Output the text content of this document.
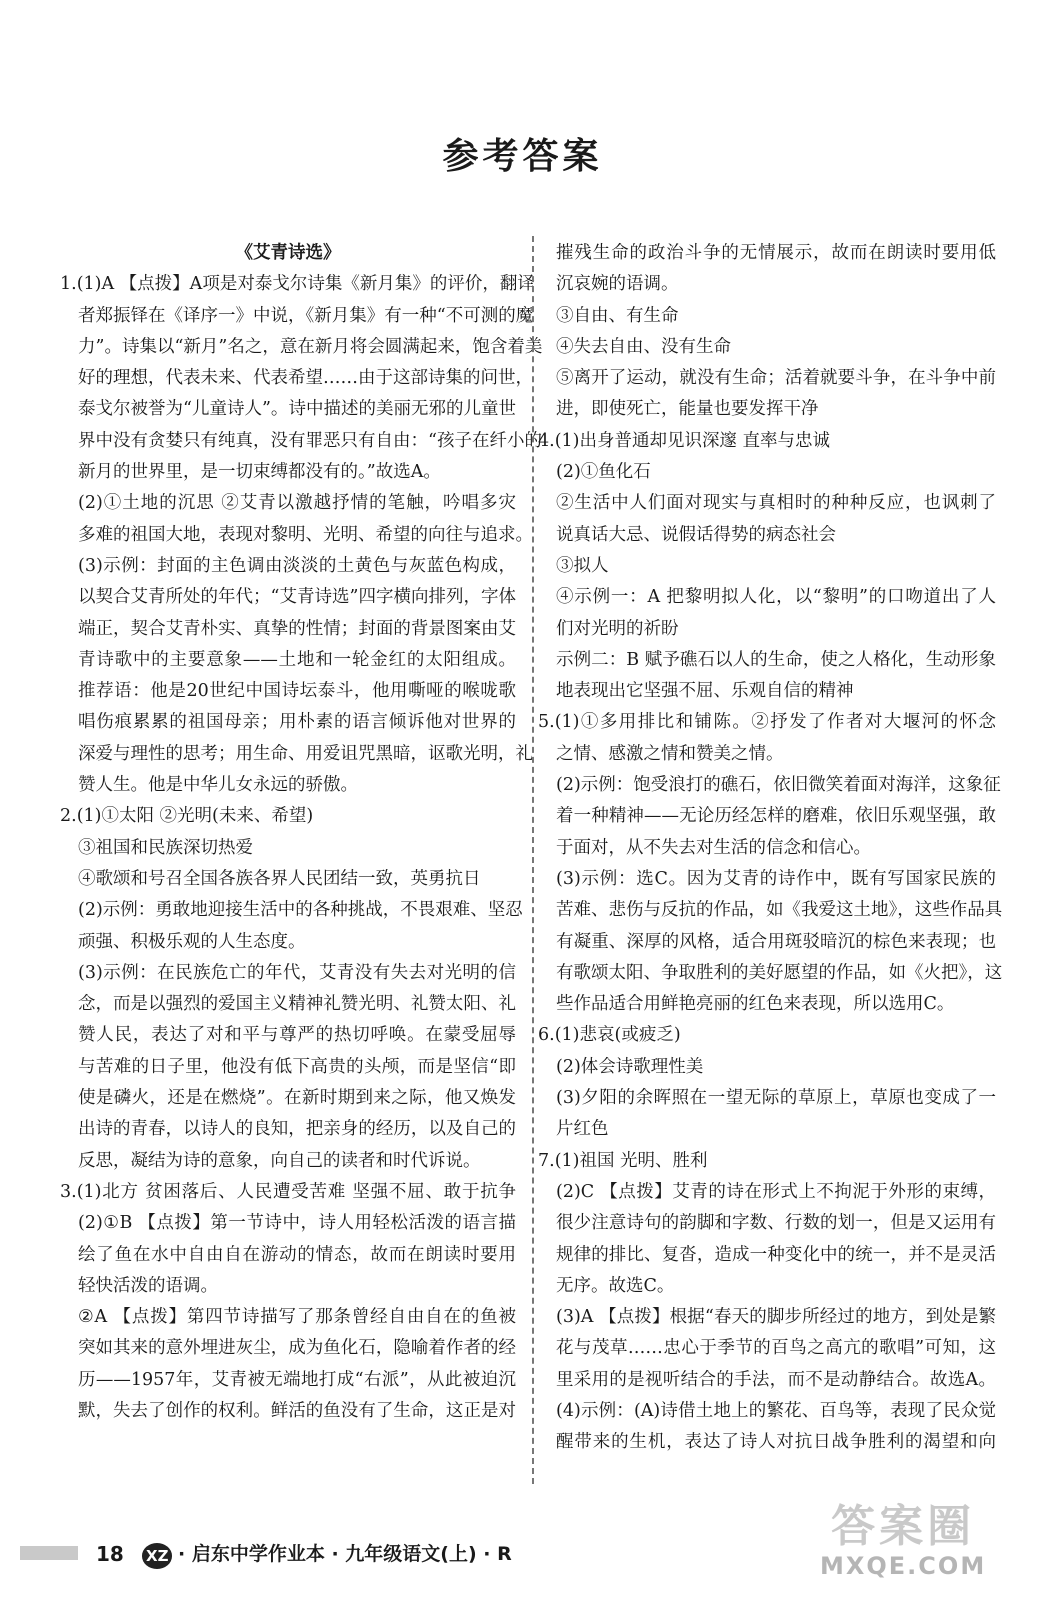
参考答案
《艾青诗选》
1.(1)A 【点拨】A项是对泰戈尔诗集《新月集》的评价，翻译
者郑振铎在《译序一》中说，《新月集》有一种“不可测的魔
力”。诗集以“新月”名之，意在新月将会圆满起来，饱含着美
好的理想，代表未来、代表希望……由于这部诗集的问世，
泰戈尔被誉为“儿童诗人”。诗中描述的美丽无邪的儿童世
界中没有贪婪只有纯真，没有罪恶只有自由：“孩子在纤小的
新月的世界里，是一切束缚都没有的。”故选A。
(2)①土地的沉思 ②艾青以激越抒情的笔触，吟唱多灾
多难的祖国大地，表现对黎明、光明、希望的向往与追求。
(3)示例：封面的主色调由淡淡的土黄色与灰蓝色构成，
以契合艾青所处的年代；“艾青诗选”四字横向排列，字体
端正，契合艾青朴实、真挚的性情；封面的背景图案由艾
青诗歌中的主要意象——土地和一轮金红的太阳组成。
推荐语：他是20世纪中国诗坛泰斗，他用嘶哑的喉咙歌
唱伤痕累累的祖国母亲；用朴素的语言倾诉他对世界的
深爱与理性的思考；用生命、用爱诅咒黑暗，讴歌光明，礼
赞人生。他是中华儿女永远的骄傲。
2.(1)①太阳 ②光明(未来、希望)
③祖国和民族深切热爱
④歌颂和号召全国各族各界人民团结一致，英勇抗日
(2)示例：勇敢地迎接生活中的各种挑战，不畏艰难、坚忍
顽强、积极乐观的人生态度。
(3)示例：在民族危亡的年代，艾青没有失去对光明的信
念，而是以强烈的爱国主义精神礼赞光明、礼赞太阳、礼
赞人民，表达了对和平与尊严的热切呼唤。在蒙受屈辱
与苦难的日子里，他没有低下高贵的头颅，而是坚信“即
使是磷火，还是在燃烧”。在新时期到来之际，他又焕发
出诗的青春，以诗人的良知，把亲身的经历，以及自己的
反思，凝结为诗的意象，向自己的读者和时代诉说。
3.(1)北方 贫困落后、人民遭受苦难 坚强不屈、敢于抗争
(2)①B 【点拨】第一节诗中，诗人用轻松活泼的语言描
绘了鱼在水中自由自在游动的情态，故而在朗读时要用
轻快活泼的语调。
②A 【点拨】第四节诗描写了那条曾经自由自在的鱼被
突如其来的意外埋进灰尘，成为鱼化石，隐喻着作者的经
历——1957年，艾青被无端地打成“右派”，从此被迫沉
默，失去了创作的权利。鲜活的鱼没有了生命，这正是对
摧残生命的政治斗争的无情展示，故而在朗读时要用低
沉哀婉的语调。
③自由、有生命
④失去自由、没有生命
⑤离开了运动，就没有生命；活着就要斗争，在斗争中前
进，即使死亡，能量也要发挥干净
4.(1)出身普通却见识深邃 直率与忠诚
(2)①鱼化石
②生活中人们面对现实与真相时的种种反应，也讽刺了
说真话大忌、说假话得势的病态社会
③拟人
④示例一：A 把黎明拟人化，以“黎明”的口吻道出了人
们对光明的祈盼
示例二：B 赋予礁石以人的生命，使之人格化，生动形象
地表现出它坚强不屈、乐观自信的精神
5.(1)①多用排比和铺陈。②抒发了作者对大堰河的怀念
之情、感激之情和赞美之情。
(2)示例：饱受浪打的礁石，依旧微笑着面对海洋，这象征
着一种精神——无论历经怎样的磨难，依旧乐观坚强，敢
于面对，从不失去对生活的信念和信心。
(3)示例：选C。因为艾青的诗作中，既有写国家民族的
苦难、悲伤与反抗的作品，如《我爱这土地》，这些作品具
有凝重、深厚的风格，适合用斑驳暗沉的棕色来表现；也
有歌颂太阳、争取胜利的美好愿望的作品，如《火把》，这
些作品适合用鲜艳亮丽的红色来表现，所以选用C。
6.(1)悲哀(或疲乏)
(2)体会诗歌理性美
(3)夕阳的余晖照在一望无际的草原上，草原也变成了一
片红色
7.(1)祖国 光明、胜利
(2)C 【点拨】艾青的诗在形式上不拘泥于外形的束缚，
很少注意诗句的韵脚和字数、行数的划一，但是又运用有
规律的排比、复沓，造成一种变化中的统一，并不是灵活
无序。故选C。
(3)A 【点拨】根据“春天的脚步所经过的地方，到处是繁
花与茂草……忠心于季节的百鸟之高亢的歌唱”可知，这
里采用的是视听结合的手法，而不是动静结合。故选A。
(4)示例：(A)诗借土地上的繁花、百鸟等，表现了民众觉
醒带来的生机，表达了诗人对抗日战争胜利的渴望和向
18 XZ · 启东中学作业本 · 九年级语文(上) · R
答案圈
MXQE.COM
